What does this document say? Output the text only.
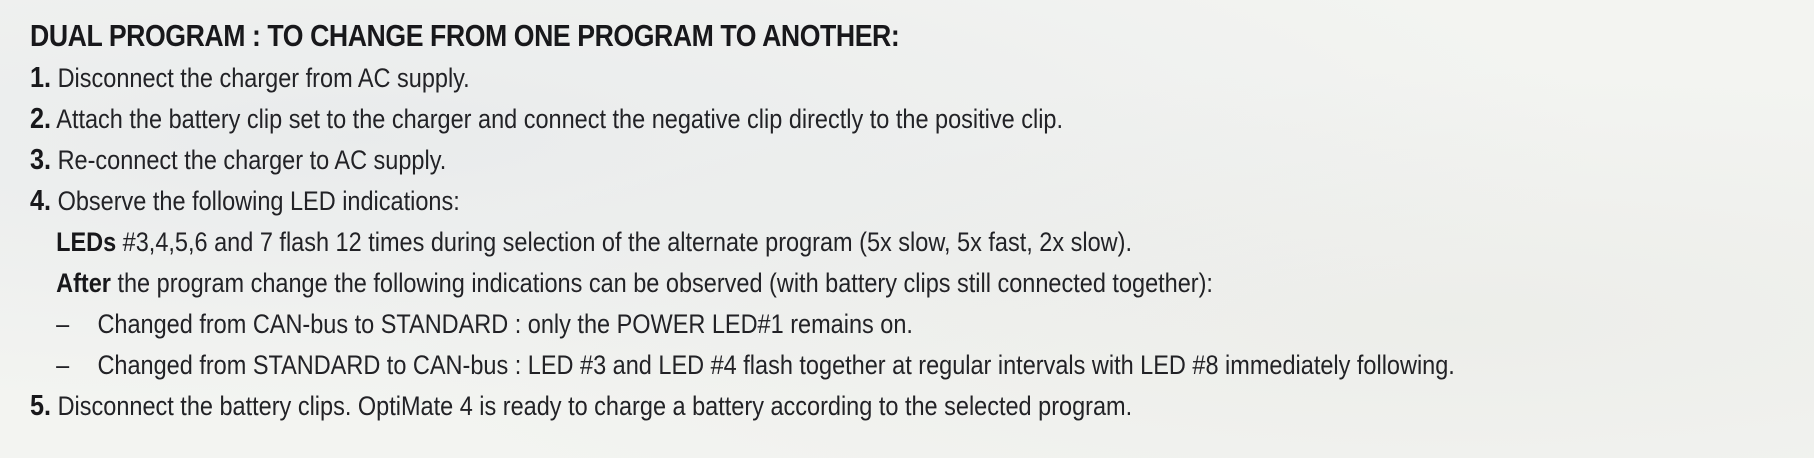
DUAL PROGRAM : TO CHANGE FROM ONE PROGRAM TO ANOTHER:
1. Disconnect the charger from AC supply.
2. Attach the battery clip set to the charger and connect the negative clip directly to the positive clip.
3. Re-connect the charger to AC supply.
4. Observe the following LED indications:
LEDs #3,4,5,6 and 7 flash 12 times during selection of the alternate program (5x slow, 5x fast, 2x slow).
After the program change the following indications can be observed (with battery clips still connected together):
– Changed from CAN-bus to STANDARD : only the POWER LED#1 remains on.
– Changed from STANDARD to CAN-bus : LED #3 and LED #4 flash together at regular intervals with LED #8 immediately following.
5. Disconnect the battery clips. OptiMate 4 is ready to charge a battery according to the selected program.
